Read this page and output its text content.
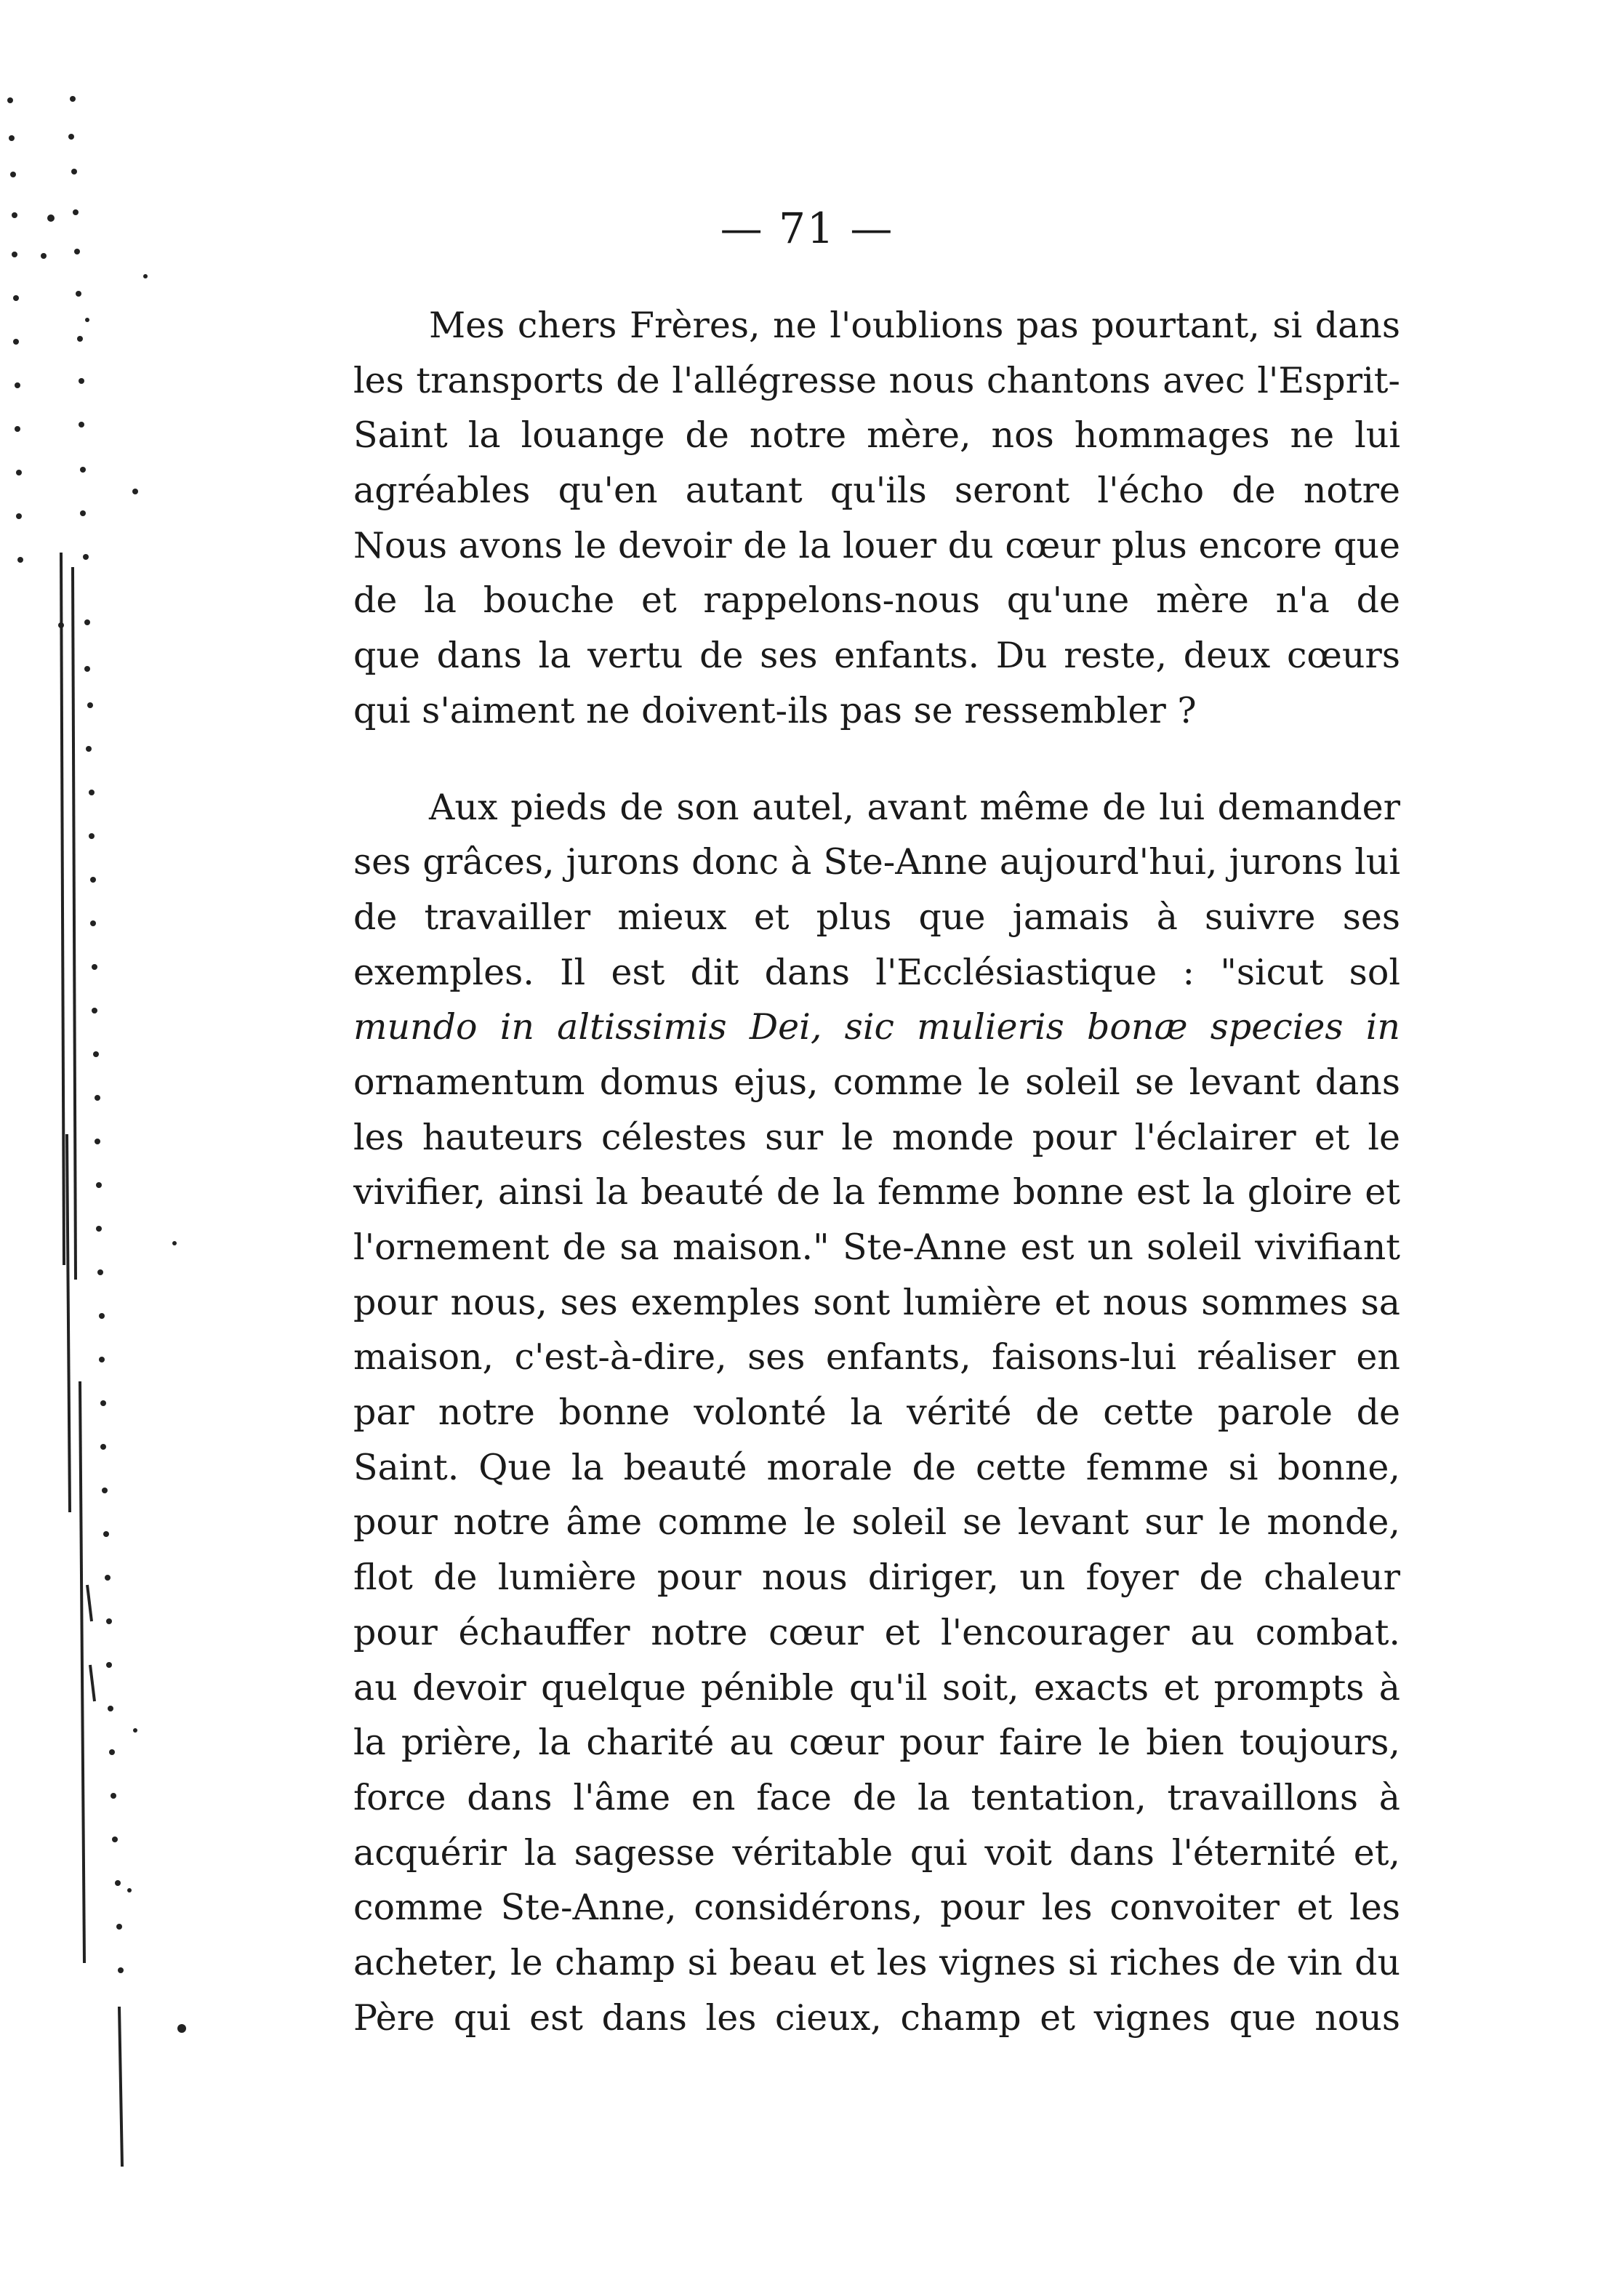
— 71 —
Mes chers Frères, ne l'oublions pas pourtant, si dans
les transports de l'allégresse nous chantons avec l'Esprit-
Saint la louange de notre mère, nos hommages ne lui
agréables qu'en autant qu'ils seront l'écho de notre
Nous avons le devoir de la louer du cœur plus encore que
de la bouche et rappelons-nous qu'une mère n'a de
que dans la vertu de ses enfants. Du reste, deux cœurs
qui s'aiment ne doivent-ils pas se ressembler ?
Aux pieds de son autel, avant même de lui demander
ses grâces, jurons donc à Ste-Anne aujourd'hui, jurons lui
de travailler mieux et plus que jamais à suivre ses
exemples. Il est dit dans l'Ecclésiastique : "sicut sol
mundo in altissimis Dei, sic mulieris bonæ species in
ornamentum domus ejus, comme le soleil se levant dans
les hauteurs célestes sur le monde pour l'éclairer et le
vivifier, ainsi la beauté de la femme bonne est la gloire et
l'ornement de sa maison." Ste-Anne est un soleil vivifiant
pour nous, ses exemples sont lumière et nous sommes sa
maison, c'est-à-dire, ses enfants, faisons-lui réaliser en
par notre bonne volonté la vérité de cette parole de
Saint. Que la beauté morale de cette femme si bonne,
pour notre âme comme le soleil se levant sur le monde,
flot de lumière pour nous diriger, un foyer de chaleur
pour échauffer notre cœur et l'encourager au combat.
au devoir quelque pénible qu'il soit, exacts et prompts à
la prière, la charité au cœur pour faire le bien toujours,
force dans l'âme en face de la tentation, travaillons à
acquérir la sagesse véritable qui voit dans l'éternité et,
comme Ste-Anne, considérons, pour les convoiter et les
acheter, le champ si beau et les vignes si riches de vin du
Père qui est dans les cieux, champ et vignes que nous
